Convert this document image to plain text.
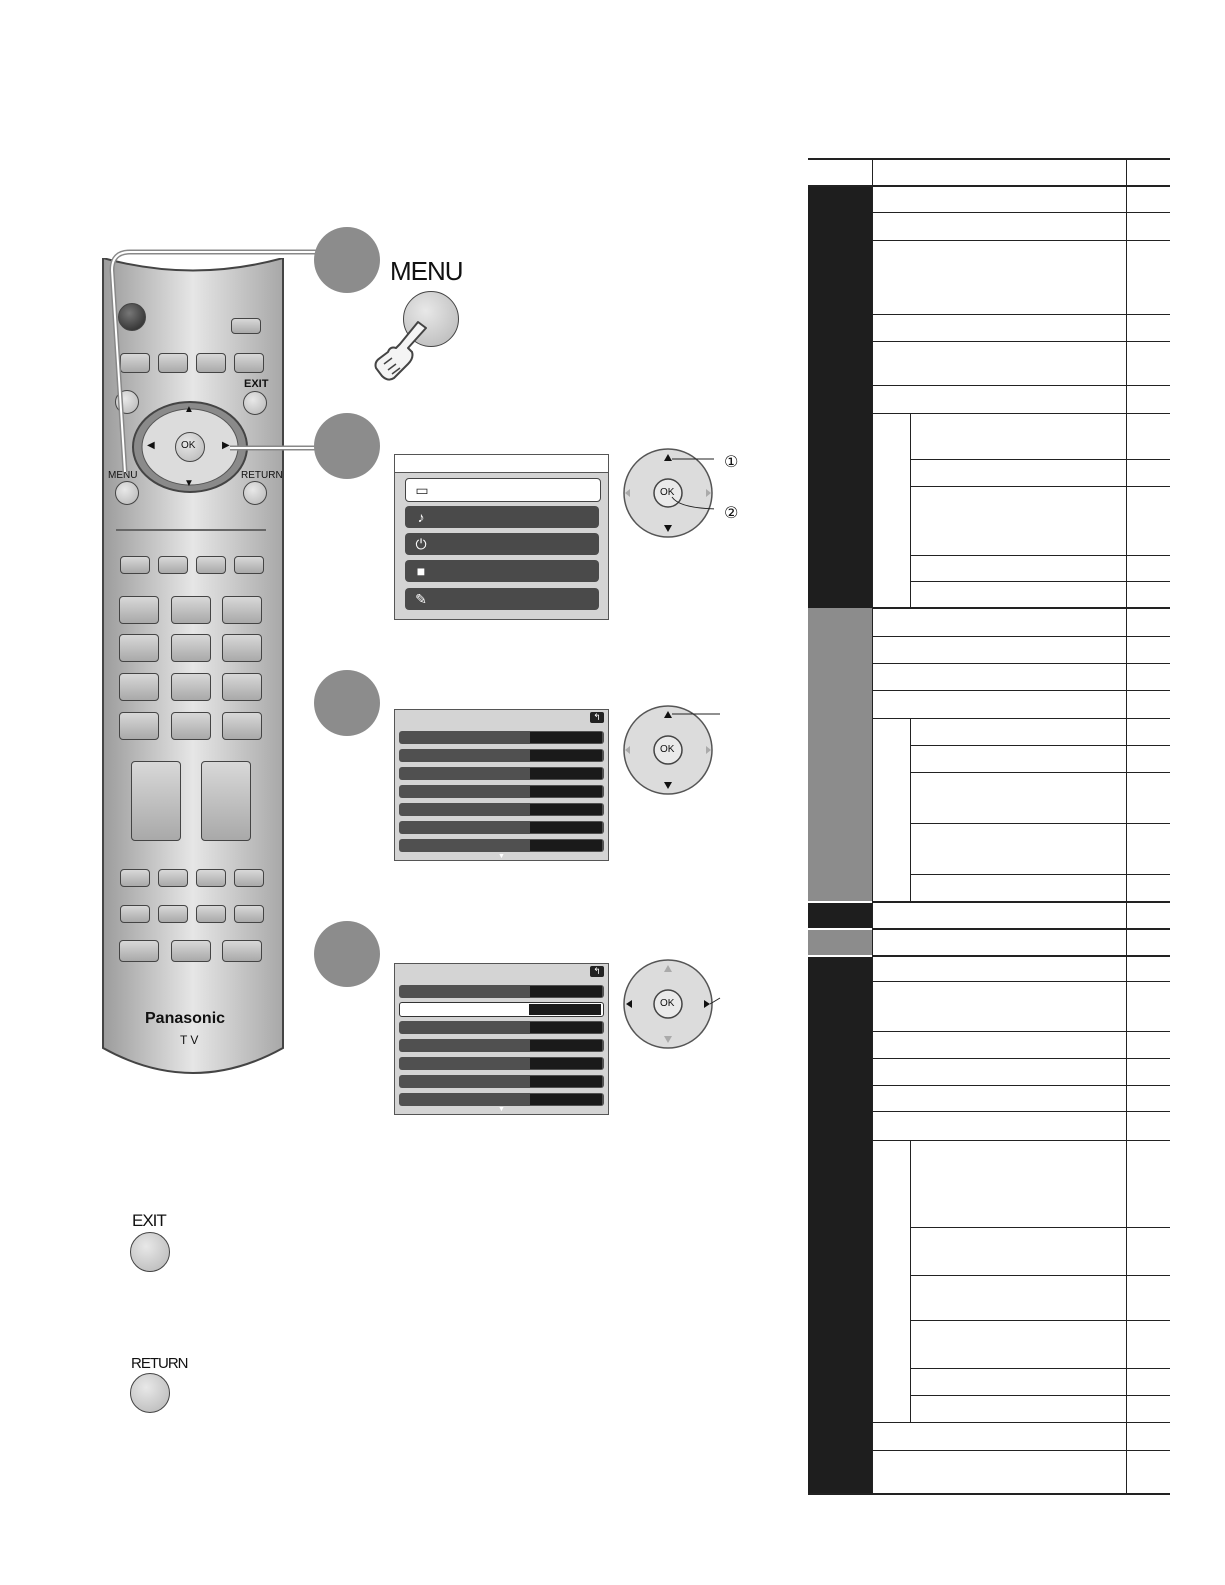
EXIT
OK
▲
▼
◀	▶
MENU	RETURN
Panasonic
TV
MENU
▭
♪
⏻
■
✎
OK
①
②
↰
▼
OK
↰
▼
OK
EXIT
RETURN
